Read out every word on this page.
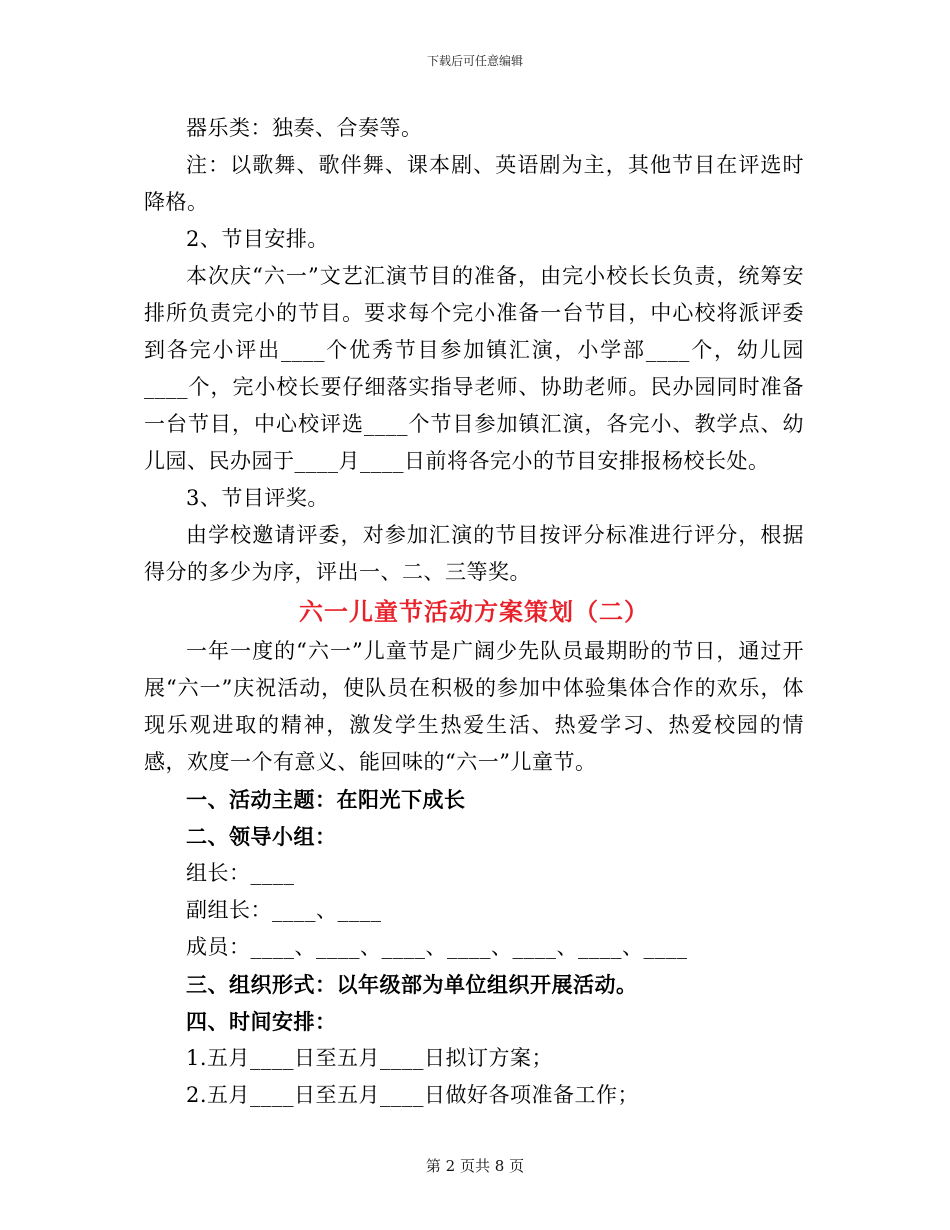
下载后可任意编辑

器乐类：独奏、合奏等。

注：以歌舞、歌伴舞、课本剧、英语剧为主，其他节目在评选时降格。

2、节目安排。

本次庆“六一”文艺汇演节目的准备，由完小校长长负责，统筹安排所负责完小的节目。要求每个完小准备一台节目，中心校将派评委到各完小评出____个优秀节目参加镇汇演，小学部____个，幼儿园____个，完小校长要仔细落实指导老师、协助老师。民办园同时准备一台节目，中心校评选____个节目参加镇汇演，各完小、教学点、幼儿园、民办园于____月____日前将各完小的节目安排报杨校长处。

3、节目评奖。

由学校邀请评委，对参加汇演的节目按评分标准进行评分，根据得分的多少为序，评出一、二、三等奖。

六一儿童节活动方案策划（二）

一年一度的“六一”儿童节是广阔少先队员最期盼的节日，通过开展“六一”庆祝活动，使队员在积极的参加中体验集体合作的欢乐，体现乐观进取的精神，激发学生热爱生活、热爱学习、热爱校园的情感，欢度一个有意义、能回味的“六一”儿童节。

一、活动主题：在阳光下成长

二、领导小组：

组长：____

副组长：____、____

成员：____、____、____、____、____、____、____

三、组织形式：以年级部为单位组织开展活动。

四、时间安排：

1.五月____日至五月____日拟订方案；

2.五月____日至五月____日做好各项准备工作；

第 2 页共 8 页
